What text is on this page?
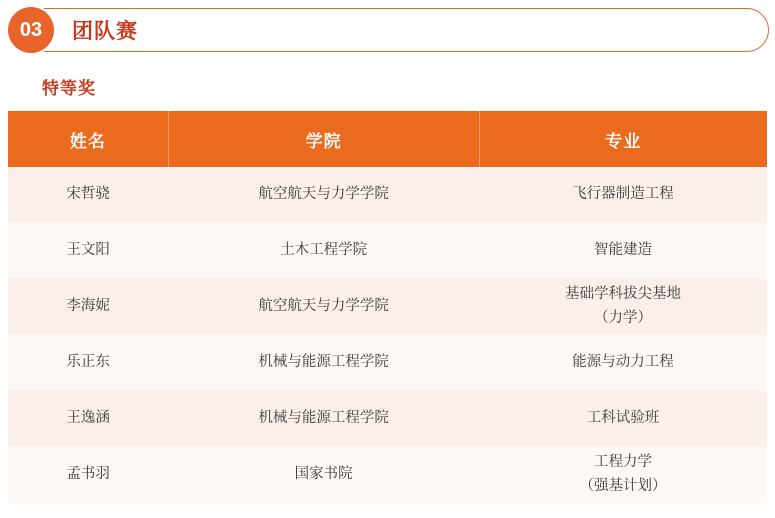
03	团队赛
特等奖
姓名	学院	专业
宋哲骁	航空航天与力学学院	飞行器制造工程

王文阳	土木工程学院	智能建造

李海妮	航空航天与力学学院	基础学科拔尖基地
（力学）

乐正东	机械与能源工程学院	能源与动力工程

王逸涵	机械与能源工程学院	工科试验班

孟书羽	国家书院	工程力学
（强基计划）
